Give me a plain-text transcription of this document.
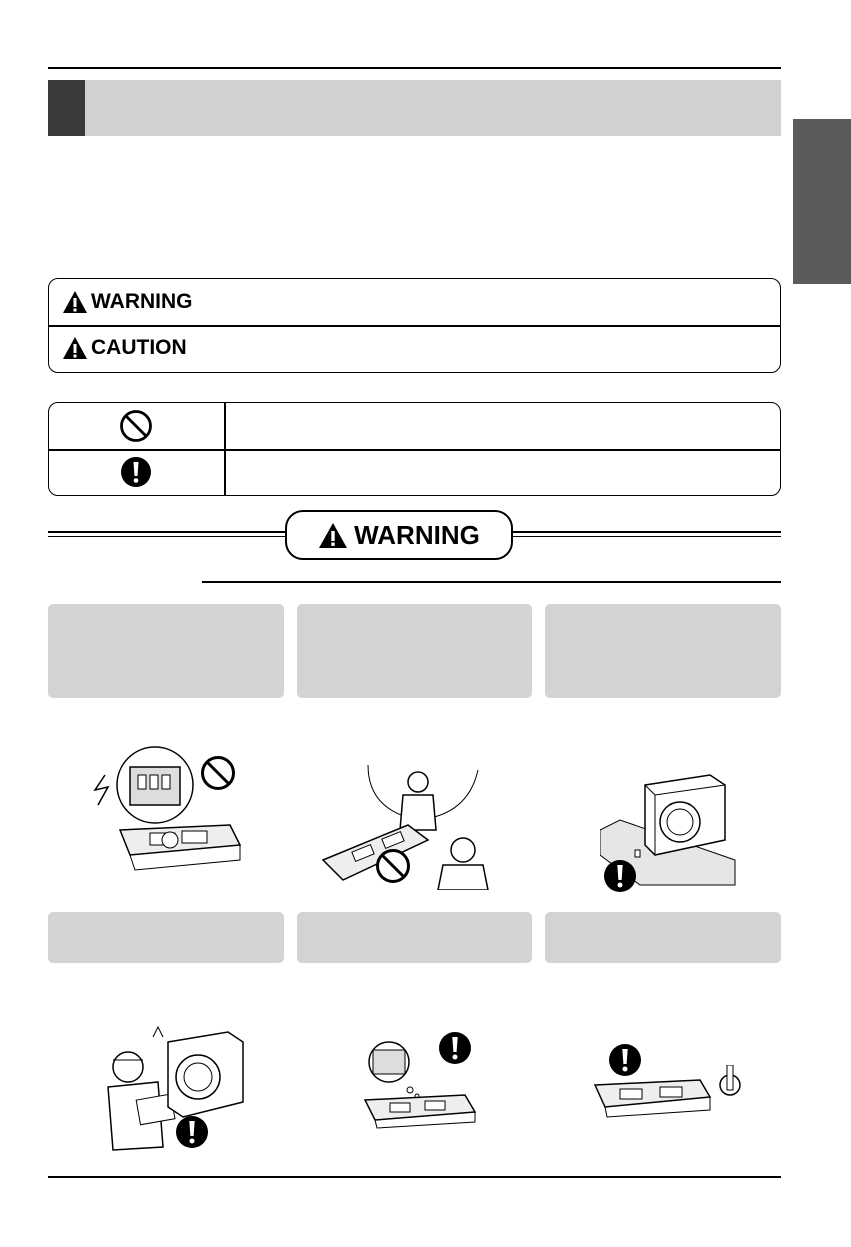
WARNING
CAUTION
WARNING
